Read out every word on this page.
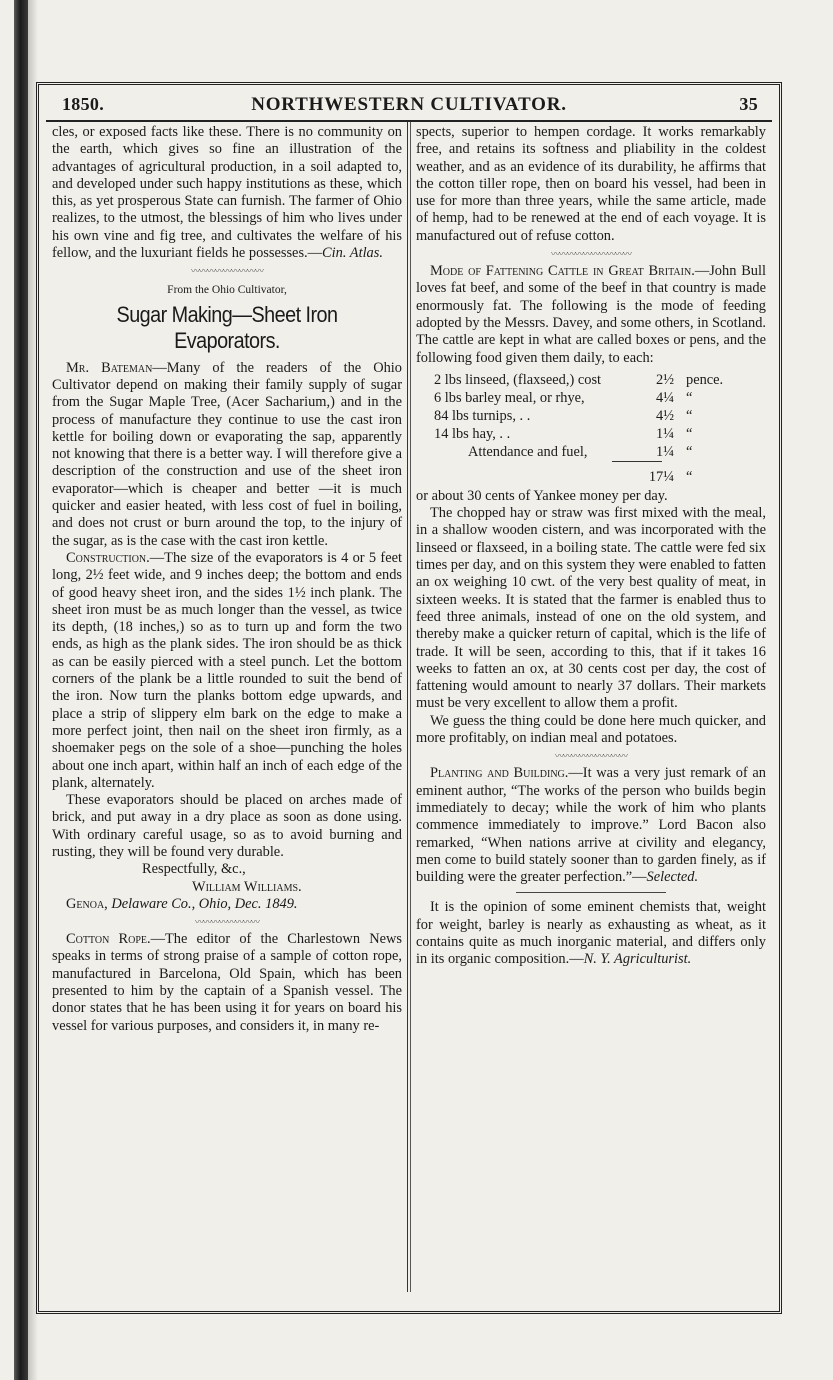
NORTHWESTERN CULTIVATOR.
1850.	35

cles, or exposed facts like these. There is no community on the earth, which gives so fine an illustration of the advantages of agricultural production, in a soil adapted to, and developed under such happy institutions as these, which this, as yet prosperous State can furnish. The farmer of Ohio realizes, to the utmost, the blessings of him who lives under his own vine and fig tree, and cultivates the welfare of his fellow, and the luxuriant fields he possesses.—Cin. Atlas.

〰〰〰〰〰〰〰〰〰

From the Ohio Cultivator,

Sugar Making—Sheet Iron Evaporators.

Mr. Bateman—Many of the readers of the Ohio Cultivator depend on making their family supply of sugar from the Sugar Maple Tree, (Acer Sacharium,) and in the process of manufacture they continue to use the cast iron kettle for boiling down or evaporating the sap, apparently not knowing that there is a better way. I will therefore give a description of the construction and use of the sheet iron evaporator—which is cheaper and better —it is much quicker and easier heated, with less cost of fuel in boiling, and does not crust or burn around the top, to the injury of the sugar, as is the case with the cast iron kettle.

Construction.—The size of the evaporators is 4 or 5 feet long, 2½ feet wide, and 9 inches deep; the bottom and ends of good heavy sheet iron, and the sides 1½ inch plank. The sheet iron must be as much longer than the vessel, as twice its depth, (18 inches,) so as to turn up and form the two ends, as high as the plank sides. The iron should be as thick as can be easily pierced with a steel punch. Let the bottom corners of the plank be a little rounded to suit the bend of the iron. Now turn the planks bottom edge upwards, and place a strip of slippery elm bark on the edge to make a more perfect joint, then nail on the sheet iron firmly, as a shoemaker pegs on the sole of a shoe—punching the holes about one inch apart, within half an inch of each edge of the plank, alternately.

These evaporators should be placed on arches made of brick, and put away in a dry place as soon as done using. With ordinary careful usage, so as to avoid burning and rusting, they will be found very durable.

Respectfully, &c.,

William Williams.

Genoa, Delaware Co., Ohio, Dec. 1849.

〰〰〰〰〰〰〰〰

Cotton Rope.—The editor of the Charlestown News speaks in terms of strong praise of a sample of cotton rope, manufactured in Barcelona, Old Spain, which has been presented to him by the captain of a Spanish vessel. The donor states that he has been using it for years on board his vessel for various purposes, and considers it, in many re-

spects, superior to hempen cordage. It works remarkably free, and retains its softness and pliability in the coldest weather, and as an evidence of its durability, he affirms that the cotton tiller rope, then on board his vessel, had been in use for more than three years, while the same article, made of hemp, had to be renewed at the end of each voyage. It is manufactured out of refuse cotton.

〰〰〰〰〰〰〰〰〰〰

Mode of Fattening Cattle in Great Britain.—John Bull loves fat beef, and some of the beef in that country is made enormously fat. The following is the mode of feeding adopted by the Messrs. Davey, and some others, in Scotland. The cattle are kept in what are called boxes or pens, and the following food given them daily, to each:

2 lbs linseed, (flaxseed,) cost	2½ pence.
6 lbs barley meal, or rhye,	4¼ “
84 lbs turnips, . .	4½ “
14 lbs hay, . .	1¼ “
Attendance and fuel,	1¼ “
17¼ “

or about 30 cents of Yankee money per day.

The chopped hay or straw was first mixed with the meal, in a shallow wooden cistern, and was incorporated with the linseed or flaxseed, in a boiling state. The cattle were fed six times per day, and on this system they were enabled to fatten an ox weighing 10 cwt. of the very best quality of meat, in sixteen weeks. It is stated that the farmer is enabled thus to feed three animals, instead of one on the old system, and thereby make a quicker return of capital, which is the life of trade. It will be seen, according to this, that if it takes 16 weeks to fatten an ox, at 30 cents cost per day, the cost of fattening would amount to nearly 37 dollars. Their markets must be very excellent to allow them a profit.

We guess the thing could be done here much quicker, and more profitably, on indian meal and potatoes.

〰〰〰〰〰〰〰〰〰

Planting and Building.—It was a very just remark of an eminent author, “The works of the person who builds begin immediately to decay; while the work of him who plants commence immediately to improve.” Lord Bacon also remarked, “When nations arrive at civility and elegancy, men come to build stately sooner than to garden finely, as if building were the greater perfection.”—Selected.

It is the opinion of some eminent chemists that, weight for weight, barley is nearly as exhausting as wheat, as it contains quite as much inorganic material, and differs only in its organic composition.—N. Y. Agriculturist.
